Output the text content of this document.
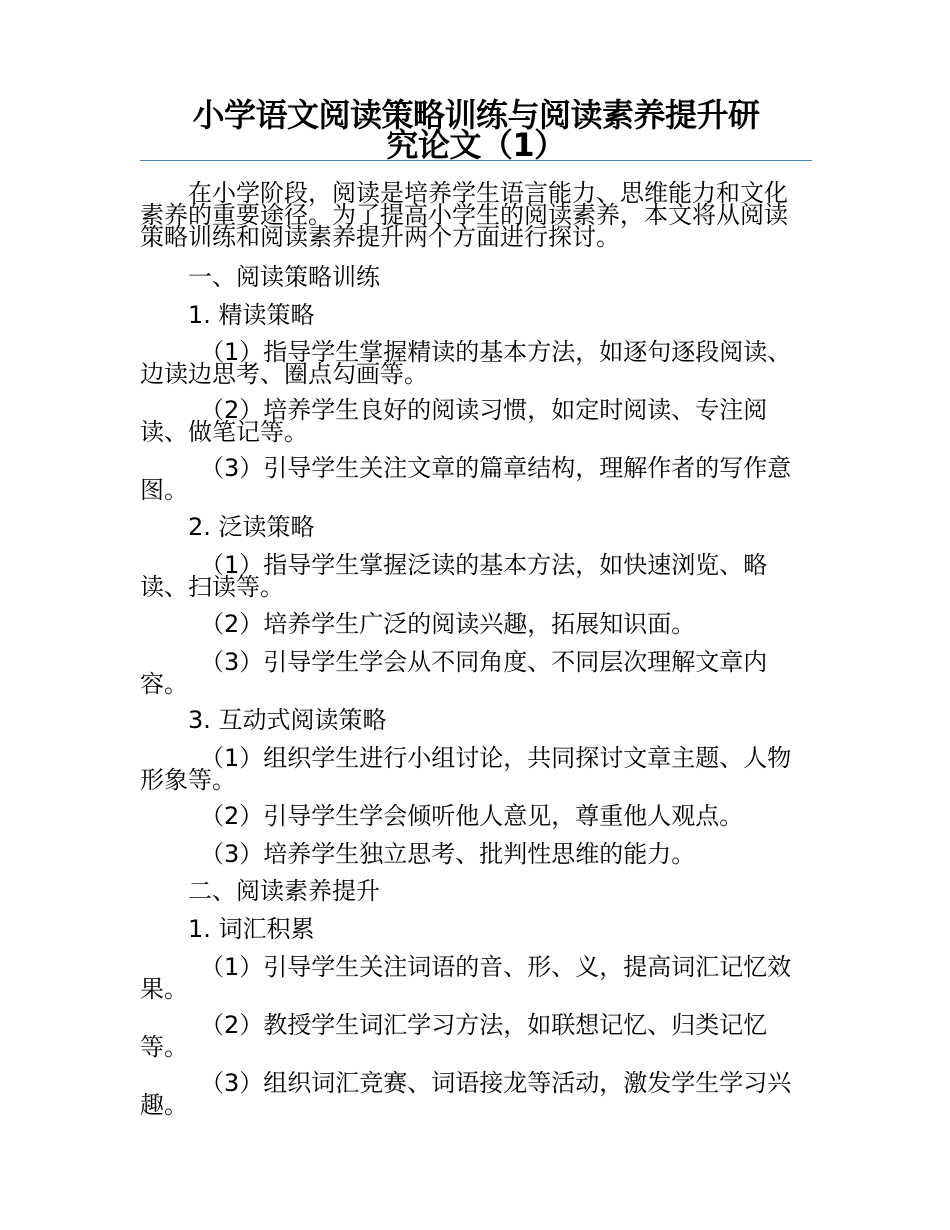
小学语文阅读策略训练与阅读素养提升研
究论文（1）
在小学阶段，阅读是培养学生语言能力、思维能力和文化
素养的重要途径。为了提高小学生的阅读素养，本文将从阅读
策略训练和阅读素养提升两个方面进行探讨。
一、阅读策略训练
1. 精读策略
（1）指导学生掌握精读的基本方法，如逐句逐段阅读、
边读边思考、圈点勾画等。
（2）培养学生良好的阅读习惯，如定时阅读、专注阅
读、做笔记等。
（3）引导学生关注文章的篇章结构，理解作者的写作意
图。
2. 泛读策略
（1）指导学生掌握泛读的基本方法，如快速浏览、略
读、扫读等。
（2）培养学生广泛的阅读兴趣，拓展知识面。
（3）引导学生学会从不同角度、不同层次理解文章内
容。
3. 互动式阅读策略
（1）组织学生进行小组讨论，共同探讨文章主题、人物
形象等。
（2）引导学生学会倾听他人意见，尊重他人观点。
（3）培养学生独立思考、批判性思维的能力。
二、阅读素养提升
1. 词汇积累
（1）引导学生关注词语的音、形、义，提高词汇记忆效
果。
（2）教授学生词汇学习方法，如联想记忆、归类记忆
等。
（3）组织词汇竞赛、词语接龙等活动，激发学生学习兴
趣。
